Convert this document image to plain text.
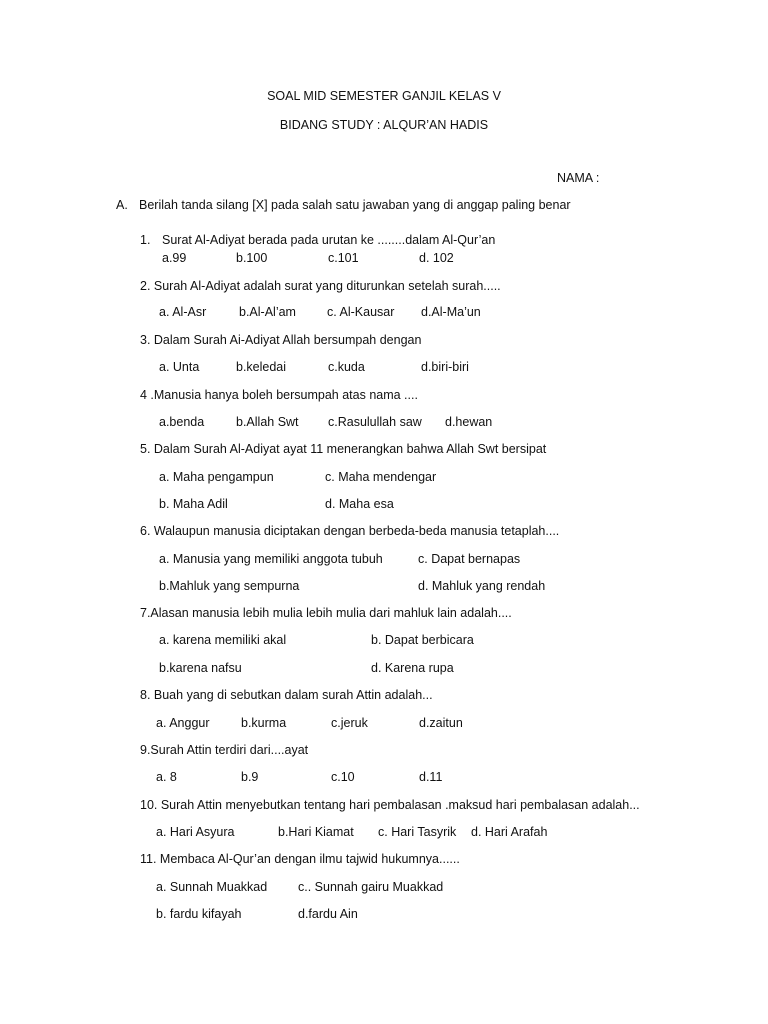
SOAL MID SEMESTER GANJIL KELAS V
BIDANG STUDY : ALQUR’AN HADIS
NAMA :
A. Berilah tanda silang [X] pada salah satu jawaban yang di anggap paling benar
1. Surat Al-Adiyat berada pada urutan ke ........dalam Al-Qur’an
a.99	b.100	c.101	d. 102
2. Surah Al-Adiyat adalah surat yang diturunkan setelah surah.....
a. Al-Asr	b.Al-Al’am c. Al-Kausar d.Al-Ma’un
3. Dalam Surah Ai-Adiyat Allah bersumpah dengan
a. Unta	b.keledai	c.kuda	d.biri-biri
4 .Manusia hanya boleh bersumpah atas nama ....
a.benda	b.Allah Swt c.Rasulullah saw d.hewan
5. Dalam Surah Al-Adiyat ayat 11 menerangkan bahwa Allah Swt bersipat
a. Maha pengampun	c. Maha mendengar
b. Maha Adil	d. Maha esa
6. Walaupun manusia diciptakan dengan berbeda-beda manusia tetaplah....
a. Manusia yang memiliki anggota tubuh	c. Dapat bernapas
b.Mahluk yang sempurna	d. Mahluk yang rendah
7.Alasan manusia lebih mulia lebih mulia dari mahluk lain adalah....
a. karena memiliki akal	b. Dapat berbicara
b.karena nafsu	d. Karena rupa
8. Buah yang di sebutkan dalam surah Attin adalah...
a. Anggur	b.kurma	c.jeruk	d.zaitun
9.Surah Attin terdiri dari....ayat
a. 8	b.9	c.10	d.11
10. Surah Attin menyebutkan tentang hari pembalasan .maksud hari pembalasan adalah...
a. Hari Asyura	b.Hari Kiamat c. Hari Tasyrik d. Hari Arafah
11. Membaca Al-Qur’an dengan ilmu tajwid hukumnya......
a. Sunnah Muakkad c.. Sunnah gairu Muakkad
b. fardu kifayah	d.fardu Ain
